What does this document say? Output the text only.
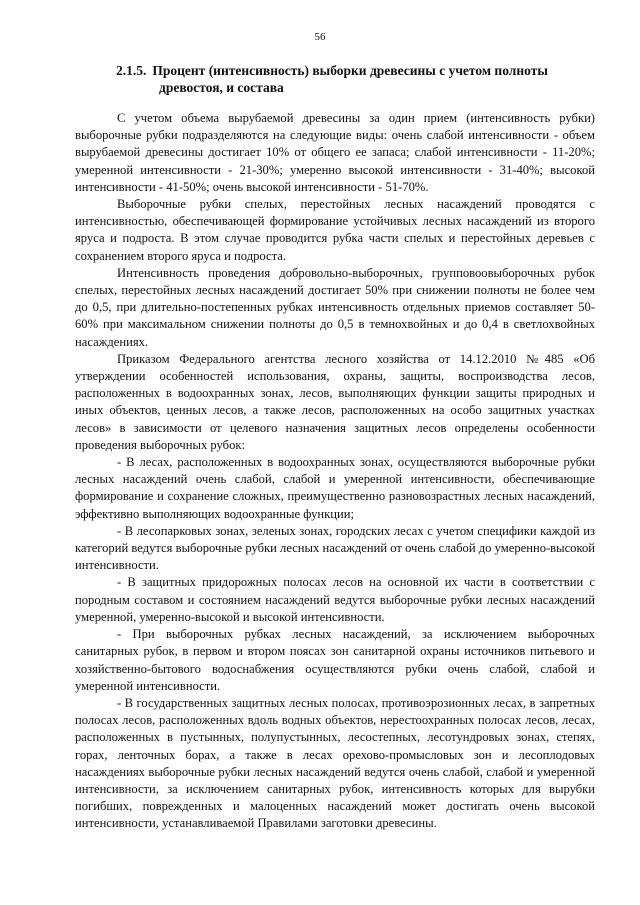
56
2.1.5. Процент (интенсивность) выборки древесины с учетом полноты
древостоя, и состава

С учетом объема вырубаемой древесины за один прием (интенсивность рубки) выборочные рубки подразделяются на следующие виды: очень слабой интенсивности - объем вырубаемой древесины достигает 10% от общего ее запаса; слабой интенсивности - 11-20%; умеренной интенсивности - 21-30%; умеренно высокой интенсивности - 31-40%; высокой интенсивности - 41-50%; очень высокой интенсивности - 51-70%.

Выборочные рубки спелых, перестойных лесных насаждений проводятся с интенсивностью, обеспечивающей формирование устойчивых лесных насаждений из второго яруса и подроста. В этом случае проводится рубка части спелых и перестойных деревьев с сохранением второго яруса и подроста.

Интенсивность проведения добровольно-выборочных, групповоовыборочных рубок спелых, перестойных лесных насаждений достигает 50% при снижении полноты не более чем до 0,5, при длительно-постепенных рубках интенсивность отдельных приемов составляет 50-60% при максимальном снижении полноты до 0,5 в темнохвойных и до 0,4 в светлохвойных насаждениях.

Приказом Федерального агентства лесного хозяйства от 14.12.2010 №485 «Об утверждении особенностей использования, охраны, защиты, воспроизводства лесов, расположенных в водоохранных зонах, лесов, выполняющих функции защиты природных и иных объектов, ценных лесов, а также лесов, расположенных на особо защитных участках лесов» в зависимости от целевого назначения защитных лесов определены особенности проведения выборочных рубок:

- В лесах, расположенных в водоохранных зонах, осуществляются выборочные рубки лесных насаждений очень слабой, слабой и умеренной интенсивности, обеспечивающие формирование и сохранение сложных, преимущественно разновозрастных лесных насаждений, эффективно выполняющих водоохранные функции;

- В лесопарковых зонах, зеленых зонах, городских лесах с учетом специфики каждой из категорий ведутся выборочные рубки лесных насаждений от очень слабой до умеренно-высокой интенсивности.

- В защитных придорожных полосах лесов на основной их части в соответствии с породным составом и состоянием насаждений ведутся выборочные рубки лесных насаждений умеренной, умеренно-высокой и высокой интенсивности.

- При выборочных рубках лесных насаждений, за исключением выборочных санитарных рубок, в первом и втором поясах зон санитарной охраны источников питьевого и хозяйственно-бытового водоснабжения осуществляются рубки очень слабой, слабой и умеренной интенсивности.

- В государственных защитных лесных полосах, противоэрозионных лесах, в запретных полосах лесов, расположенных вдоль водных объектов, нерестоохранных полосах лесов, лесах, расположенных в пустынных, полупустынных, лесостепных, лесотундровых зонах, степях, горах, ленточных борах, а также в лесах орехово-промысловых зон и лесоплодовых насаждениях выборочные рубки лесных насаждений ведутся очень слабой, слабой и умеренной интенсивности, за исключением санитарных рубок, интенсивность которых для вырубки погибших, поврежденных и малоценных насаждений может достигать очень высокой интенсивности, устанавливаемой Правилами заготовки древесины.
